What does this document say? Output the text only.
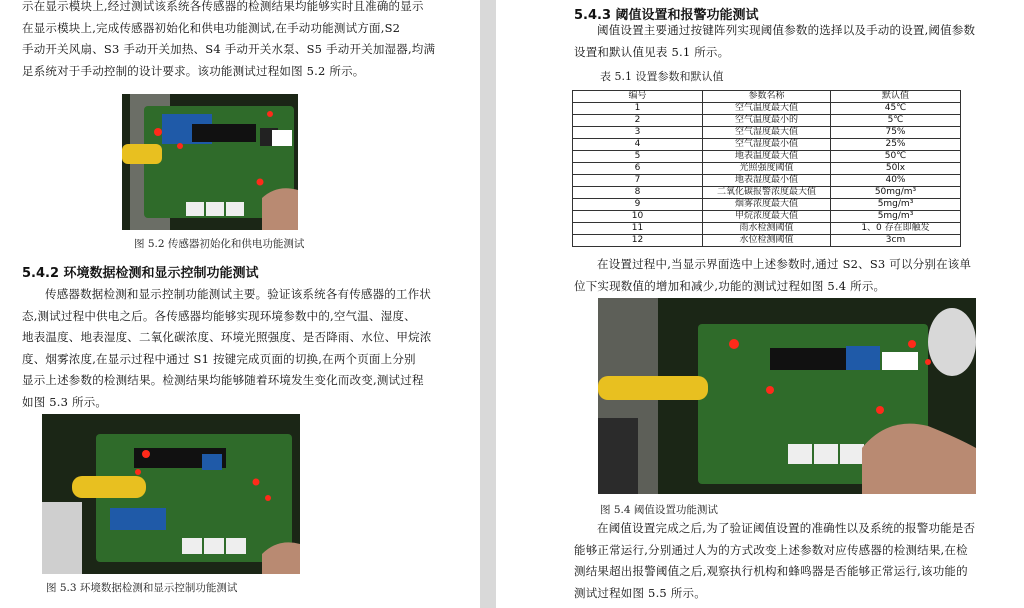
示在显示模块上,经过测试该系统各传感器的检测结果均能够实时且准确的显示

在显示模块上,完成传感器初始化和供电功能测试,在手动功能测试方面,S2

手动开关风扇、S3 手动开关加热、S4 手动开关水泵、S5 手动开关加湿器,均满

足系统对于手动控制的设计要求。该功能测试过程如图 5.2 所示。

图 5.2 传感器初始化和供电功能测试
5.4.2 环境数据检测和显示控制功能测试

传感器数据检测和显示控制功能测试主要。验证该系统各有传感器的工作状

态,测试过程中供电之后。各传感器均能够实现环境参数中的,空气温、湿度、

地表温度、地表湿度、二氧化碳浓度、环境光照强度、是否降雨、水位、甲烷浓

度、烟雾浓度,在显示过程中通过 S1 按键完成页面的切换,在两个页面上分别

显示上述参数的检测结果。检测结果均能够随着环境发生变化而改变,测试过程

如图 5.3 所示。

图 5.3 环境数据检测和显示控制功能测试
5.4.3 阈值设置和报警功能测试

阈值设置主要通过按键阵列实现阈值参数的选择以及手动的设置,阈值参数

设置和默认值见表 5.1 所示。

表 5.1 设置参数和默认值
编号	参数名称	默认值
1	空气温度最大值	45℃
2	空气温度最小的	5℃
3	空气湿度最大值	75%
4	空气湿度最小值	25%
5	地表温度最大值	50℃
6	光照强度阈值	50lx
7	地表湿度最小值	40%
8	二氧化碳报警浓度最大值	50mg/m³
9	烟雾浓度最大值	5mg/m³
10	甲烷浓度最大值	5mg/m³
11	雨水检测阈值	1、0 存在即触发
12	水位检测阈值	3cm

在设置过程中,当显示界面选中上述参数时,通过 S2、S3 可以分别在该单

位下实现数值的增加和减少,功能的测试过程如图 5.4 所示。

图 5.4 阈值设置功能测试

在阈值设置完成之后,为了验证阈值设置的准确性以及系统的报警功能是否

能够正常运行,分别通过人为的方式改变上述参数对应传感器的检测结果,在检

测结果超出报警阈值之后,观察执行机构和蜂鸣器是否能够正常运行,该功能的

测试过程如图 5.5 所示。
